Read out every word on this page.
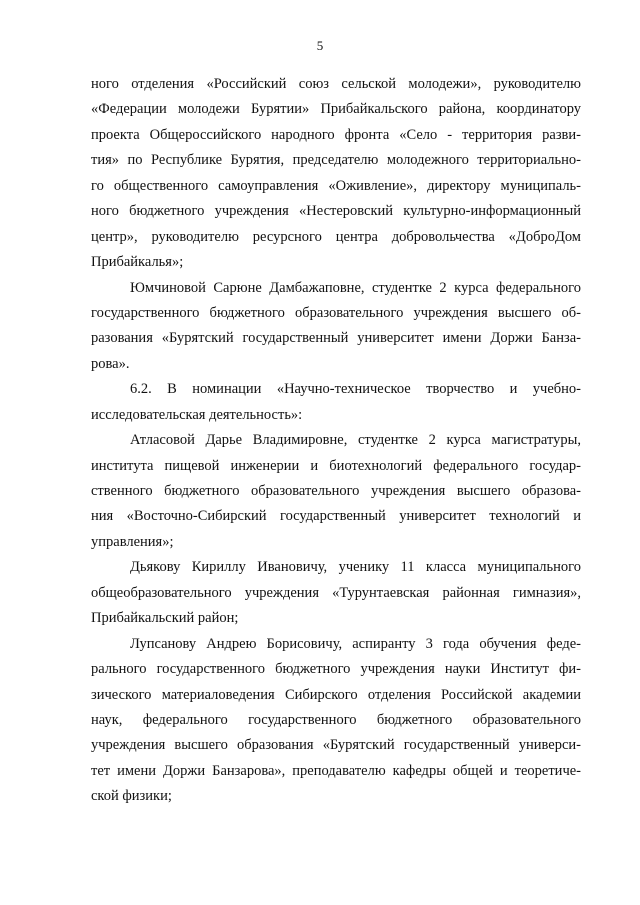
5
ного отделения «Российский союз сельской молодежи», руководителю
«Федерации молодежи Бурятии» Прибайкальского района, координатору
проекта Общероссийского народного фронта «Село - территория разви-
тия» по Республике Бурятия, председателю молодежного территориально-
го общественного самоуправления «Оживление», директору муниципаль-
ного бюджетного учреждения «Нестеровский культурно-информационный
центр», руководителю ресурсного центра добровольчества «ДоброДом
Прибайкалья»;
Юмчиновой Сарюне Дамбажаповне, студентке 2 курса федерального
государственного бюджетного образовательного учреждения высшего об-
разования «Бурятский государственный университет имени Доржи Банза-
рова».
6.2. В номинации «Научно-техническое творчество и учебно-
исследовательская деятельность»:
Атласовой Дарье Владимировне, студентке 2 курса магистратуры,
института пищевой инженерии и биотехнологий федерального государ-
ственного бюджетного образовательного учреждения высшего образова-
ния «Восточно-Сибирский государственный университет технологий и
управления»;
Дьякову Кириллу Ивановичу, ученику 11 класса муниципального
общеобразовательного учреждения «Турунтаевская районная гимназия»,
Прибайкальский район;
Лупсанову Андрею Борисовичу, аспиранту 3 года обучения феде-
рального государственного бюджетного учреждения науки Институт фи-
зического материаловедения Сибирского отделения Российской академии
наук, федерального государственного бюджетного образовательного
учреждения высшего образования «Бурятский государственный универси-
тет имени Доржи Банзарова», преподавателю кафедры общей и теоретиче-
ской физики;
